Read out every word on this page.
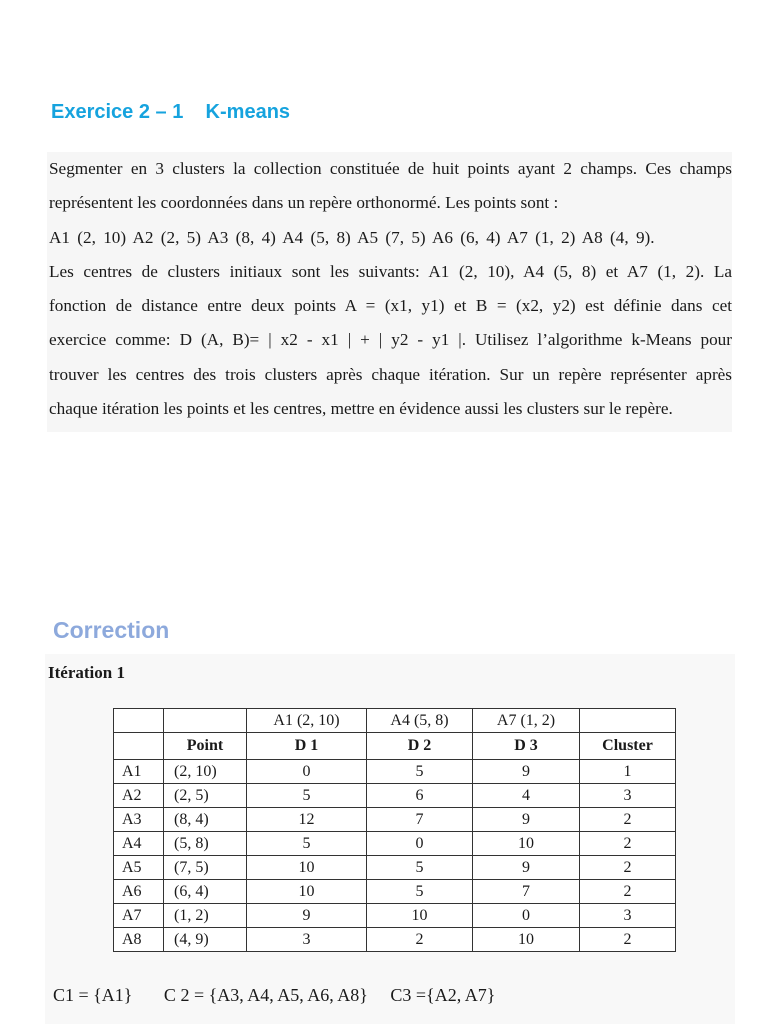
Exercice 2 – 1    K-means

Segmenter en 3 clusters la collection constituée de huit points ayant 2 champs. Ces champs

représentent les coordonnées dans un repère orthonormé. Les points sont :

A1 (2, 10) A2 (2, 5) A3 (8, 4) A4 (5, 8) A5 (7, 5) A6 (6, 4) A7 (1, 2) A8 (4, 9).

Les centres de clusters initiaux sont les suivants: A1 (2, 10), A4 (5, 8) et A7 (1, 2). La

fonction de distance entre deux points A = (x1, y1) et B = (x2, y2) est définie dans cet

exercice comme: D (A, B)= | x2 - x1 | + | y2 - y1 |. Utilisez l’algorithme k-Means pour

trouver les centres des trois clusters après chaque itération. Sur un repère représenter après

chaque itération les points et les centres, mettre en évidence aussi les clusters sur le repère.

Correction

Itération 1

		A1 (2, 10)	A4 (5, 8)	A7 (1, 2)	
	Point	D 1	D 2	D 3	Cluster
A1	(2, 10)	0	5	9	1
A2	(2, 5)	5	6	4	3
A3	(8, 4)	12	7	9	2
A4	(5, 8)	5	0	10	2
A5	(7, 5)	10	5	9	2
A6	(6, 4)	10	5	7	2
A7	(1, 2)	9	10	0	3
A8	(4, 9)	3	2	10	2

C1 = {A1}       C 2 = {A3, A4, A5, A6, A8}     C3 ={A2, A7}
